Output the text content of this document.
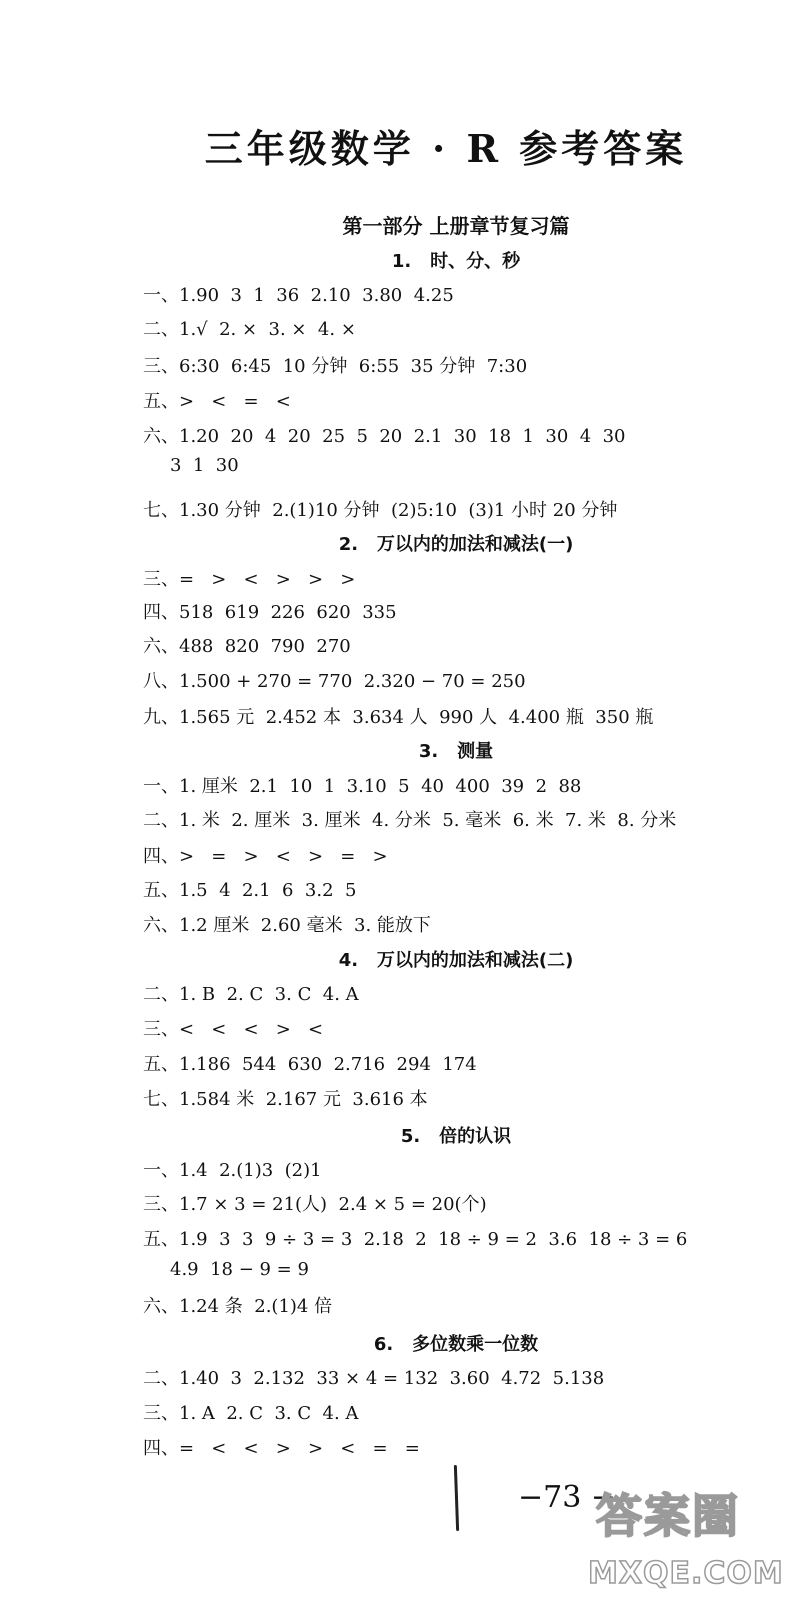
三年级数学 · R 参考答案
第一部分 上册章节复习篇
1.   时、分、秒
一、1.90  3  1  36  2.10  3.80  4.25
二、1.√  2. ×  3. ×  4. ×
三、6:30  6:45  10 分钟  6:55  35 分钟  7:30
五、>   <   =   <
六、1.20  20  4  20  25  5  20  2.1  30  18  1  30  4  30
3  1  30
七、1.30 分钟  2.(1)10 分钟  (2)5:10  (3)1 小时 20 分钟
2.   万以内的加法和减法(一)
三、=   >   <   >   >   >
四、518  619  226  620  335
六、488  820  790  270
八、1.500 + 270 = 770  2.320 − 70 = 250
九、1.565 元  2.452 本  3.634 人  990 人  4.400 瓶  350 瓶
3.   测量
一、1. 厘米  2.1  10  1  3.10  5  40  400  39  2  88
二、1. 米  2. 厘米  3. 厘米  4. 分米  5. 毫米  6. 米  7. 米  8. 分米
四、>   =   >   <   >   =   >
五、1.5  4  2.1  6  3.2  5
六、1.2 厘米  2.60 毫米  3. 能放下
4.   万以内的加法和减法(二)
二、1. B  2. C  3. C  4. A
三、<   <   <   >   <
五、1.186  544  630  2.716  294  174
七、1.584 米  2.167 元  3.616 本
5.   倍的认识
一、1.4  2.(1)3  (2)1
三、1.7 × 3 = 21(人)  2.4 × 5 = 20(个)
五、1.9  3  3  9 ÷ 3 = 3  2.18  2  18 ÷ 9 = 2  3.6  18 ÷ 3 = 6
4.9  18 − 9 = 9
六、1.24 条  2.(1)4 倍
6.   多位数乘一位数
二、1.40  3  2.132  33 × 4 = 132  3.60  4.72  5.138
三、1. A  2. C  3. C  4. A
四、=   <   <   >   >   <   =   =
−73 −
答案圈
MXQE.COM
